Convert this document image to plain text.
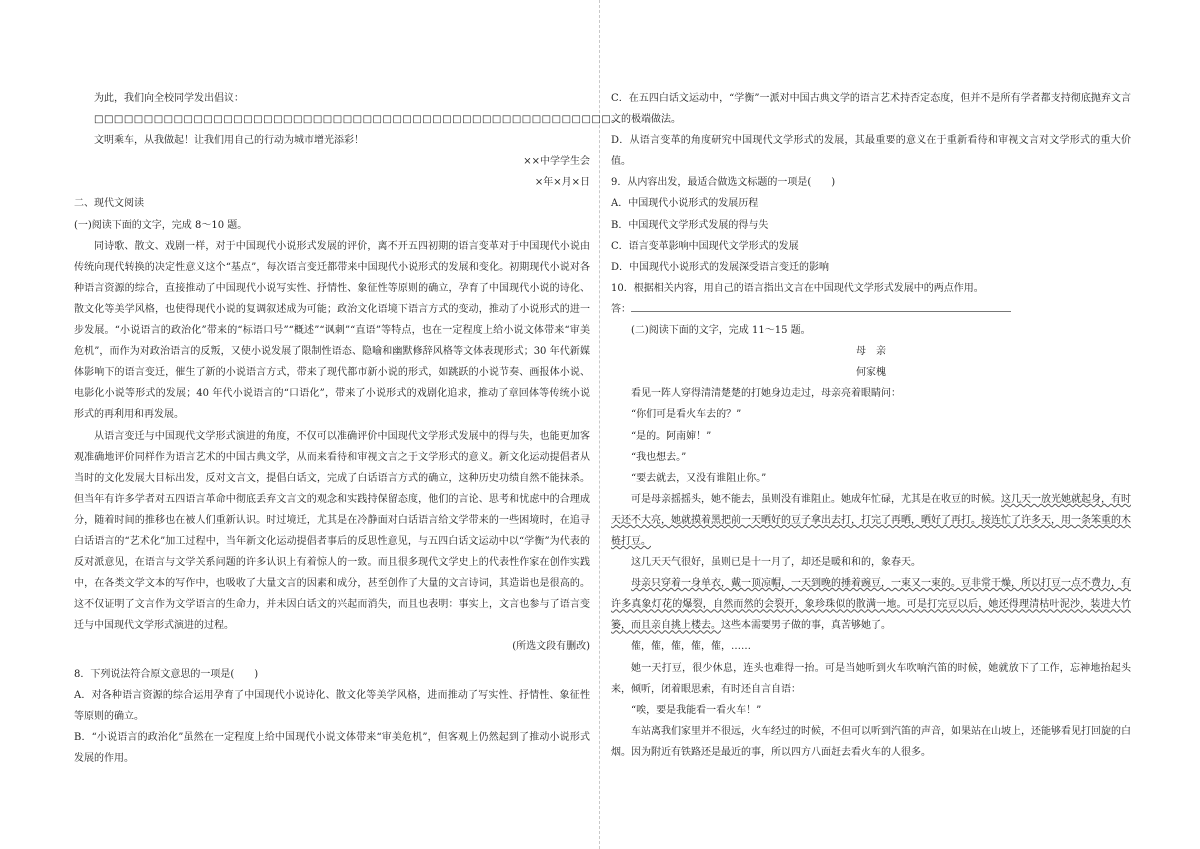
为此，我们向全校同学发出倡议：

□□□□□□□□□□□□□□□□□□□□□□□□□□□□□□□□□□□□□□□□□□□□□□□□□□□□。

文明乘车，从我做起！让我们用自己的行动为城市增光添彩！

××中学学生会

×年×月×日

二、现代文阅读

(一)阅读下面的文字，完成 8～10 题。

同诗歌、散文、戏剧一样，对于中国现代小说形式发展的评价，离不开五四初期的语言变革对于中国现代小说由传统向现代转换的决定性意义这个“基点”，每次语言变迁都带来中国现代小说形式的发展和变化。初期现代小说对各种语言资源的综合，直接推动了中国现代小说写实性、抒情性、象征性等原则的确立，孕育了中国现代小说的诗化、散文化等美学风格，也使得现代小说的复调叙述成为可能；政治文化语境下语言方式的变动，推动了小说形式的进一步发展。“小说语言的政治化”带来的“标语口号”“概述”“讽刺”“直语”等特点，也在一定程度上给小说文体带来“审美危机”，而作为对政治语言的反叛，又使小说发展了限制性语态、隐喻和幽默修辞风格等文体表现形式；30 年代新媒体影响下的语言变迁，催生了新的小说语言方式，带来了现代都市新小说的形式，如跳跃的小说节奏、画报体小说、电影化小说等形式的发展；40 年代小说语言的“口语化”，带来了小说形式的戏剧化追求，推动了章回体等传统小说形式的再利用和再发展。

从语言变迁与中国现代文学形式演进的角度，不仅可以准确评价中国现代文学形式发展中的得与失，也能更加客观准确地评价同样作为语言艺术的中国古典文学，从而来看待和审视文言之于文学形式的意义。新文化运动提倡者从当时的文化发展大目标出发，反对文言文，提倡白话文，完成了白话语言方式的确立，这种历史功绩自然不能抹杀。但当年有许多学者对五四语言革命中彻底丢弃文言文的观念和实践持保留态度，他们的言论、思考和忧虑中的合理成分，随着时间的推移也在被人们重新认识。时过境迁，尤其是在冷静面对白话语言给文学带来的一些困境时，在追寻白话语言的“艺术化”加工过程中，当年新文化运动提倡者事后的反思性意见，与五四白话文运动中以“学衡”为代表的反对派意见，在语言与文学关系问题的许多认识上有着惊人的一致。而且很多现代文学史上的代表性作家在创作实践中，在各类文学文本的写作中，也吸收了大量文言的因素和成分，甚至创作了大量的文言诗词，其造诣也是很高的。这不仅证明了文言作为文学语言的生命力，并未因白话文的兴起而消失，而且也表明：事实上，文言也参与了语言变迁与中国现代文学形式演进的过程。

(所选文段有删改)

8．下列说法符合原文意思的一项是(　　)

A．对各种语言资源的综合运用孕育了中国现代小说诗化、散文化等美学风格，进而推动了写实性、抒情性、象征性等原则的确立。

B．“小说语言的政治化”虽然在一定程度上给中国现代小说文体带来“审美危机”，但客观上仍然起到了推动小说形式发展的作用。

C．在五四白话文运动中，“学衡”一派对中国古典文学的语言艺术持否定态度，但并不是所有学者都支持彻底抛弃文言文的极端做法。

D．从语言变革的角度研究中国现代文学形式的发展，其最重要的意义在于重新看待和审视文言对文学形式的重大价值。

9．从内容出发，最适合做选文标题的一项是(　　)

A．中国现代小说形式的发展历程

B．中国现代文学形式发展的得与失

C．语言变革影响中国现代文学形式的发展

D．中国现代小说形式的发展深受语言变迁的影响

10．根据相关内容，用自己的语言指出文言在中国现代文学形式发展中的两点作用。

答：

(二)阅读下面的文字，完成 11～15 题。

母　亲

何家槐

看见一阵人穿得清清楚楚的打她身边走过，母亲亮着眼睛问：

“你们可是看火车去的？”

“是的。阿南婶！”

“我也想去。”

“要去就去，又没有谁阻止你。”

可是母亲摇摇头，她不能去，虽则没有谁阻止。她成年忙碌，尤其是在收豆的时候。这几天一放光她就起身，有时天还不大亮，她就摸着黑把前一天晒好的豆子拿出去打，打完了再晒，晒好了再打。接连忙了许多天，用一条笨重的木梿打豆。

这几天天气很好，虽则已是十一月了，却还是暖和和的，象春天。

母亲只穿着一身单衣，戴一顶凉帽，一天到晚的捶着豌豆，一束又一束的。豆非常干燥，所以打豆一点不费力，有许多真象灯花的爆裂，自然而然的会裂开，象珍珠似的散满一地。可是打完豆以后，她还得理清枯叶泥沙，装进大竹篓，而且亲自挑上楼去。这些本需要男子做的事，真苦够她了。

傕，傕，傕，傕，傕，……

她一天打豆，很少休息，连头也难得一抬。可是当她听到火车吹响汽笛的时候，她就放下了工作，忘神地抬起头来，倾听，闭着眼思索，有时还自言自语：

“唉，要是我能看一看火车！”

车站离我们家里并不很远，火车经过的时候，不但可以听到汽笛的声音，如果站在山坡上，还能够看见打回旋的白烟。因为附近有铁路还是最近的事，所以四方八面赶去看火车的人很多。
